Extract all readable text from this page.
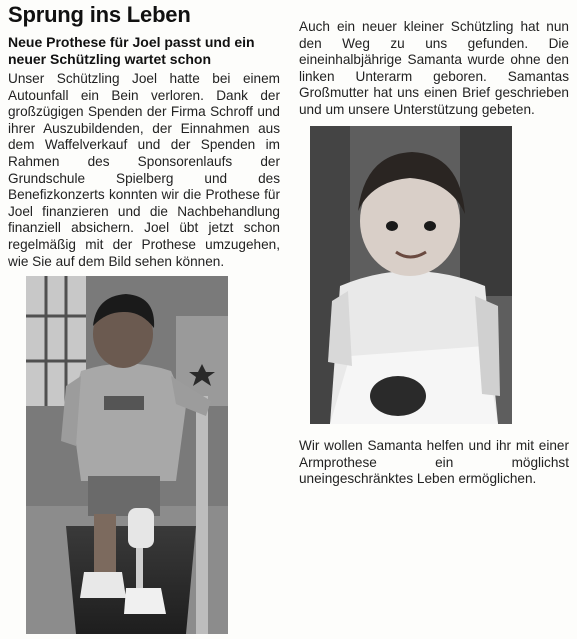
Sprung ins Leben
Neue Prothese für Joel passt und ein neuer Schützling wartet schon
Unser Schützling Joel hatte bei einem Autounfall ein Bein verloren. Dank der großzügigen Spenden der Firma Schroff und ihrer Auszubildenden, der Einnahmen aus dem Waffelverkauf und der Spenden im Rahmen des Sponsorenlaufs der Grundschule Spielberg und des Benefizkonzerts konnten wir die Prothese für Joel finanzieren und die Nachbehandlung finanziell absichern. Joel übt jetzt schon regelmäßig mit der Prothese umzugehen, wie Sie auf dem Bild sehen können.
Auch ein neuer kleiner Schützling hat nun den Weg zu uns gefunden. Die eineinhalbjährige Samanta wurde ohne den linken Unterarm geboren. Samantas Großmutter hat uns einen Brief geschrieben und um unsere Unterstützung gebeten.
Wir wollen Samanta helfen und ihr mit einer Armprothese ein möglichst uneingeschränktes Leben ermöglichen.
